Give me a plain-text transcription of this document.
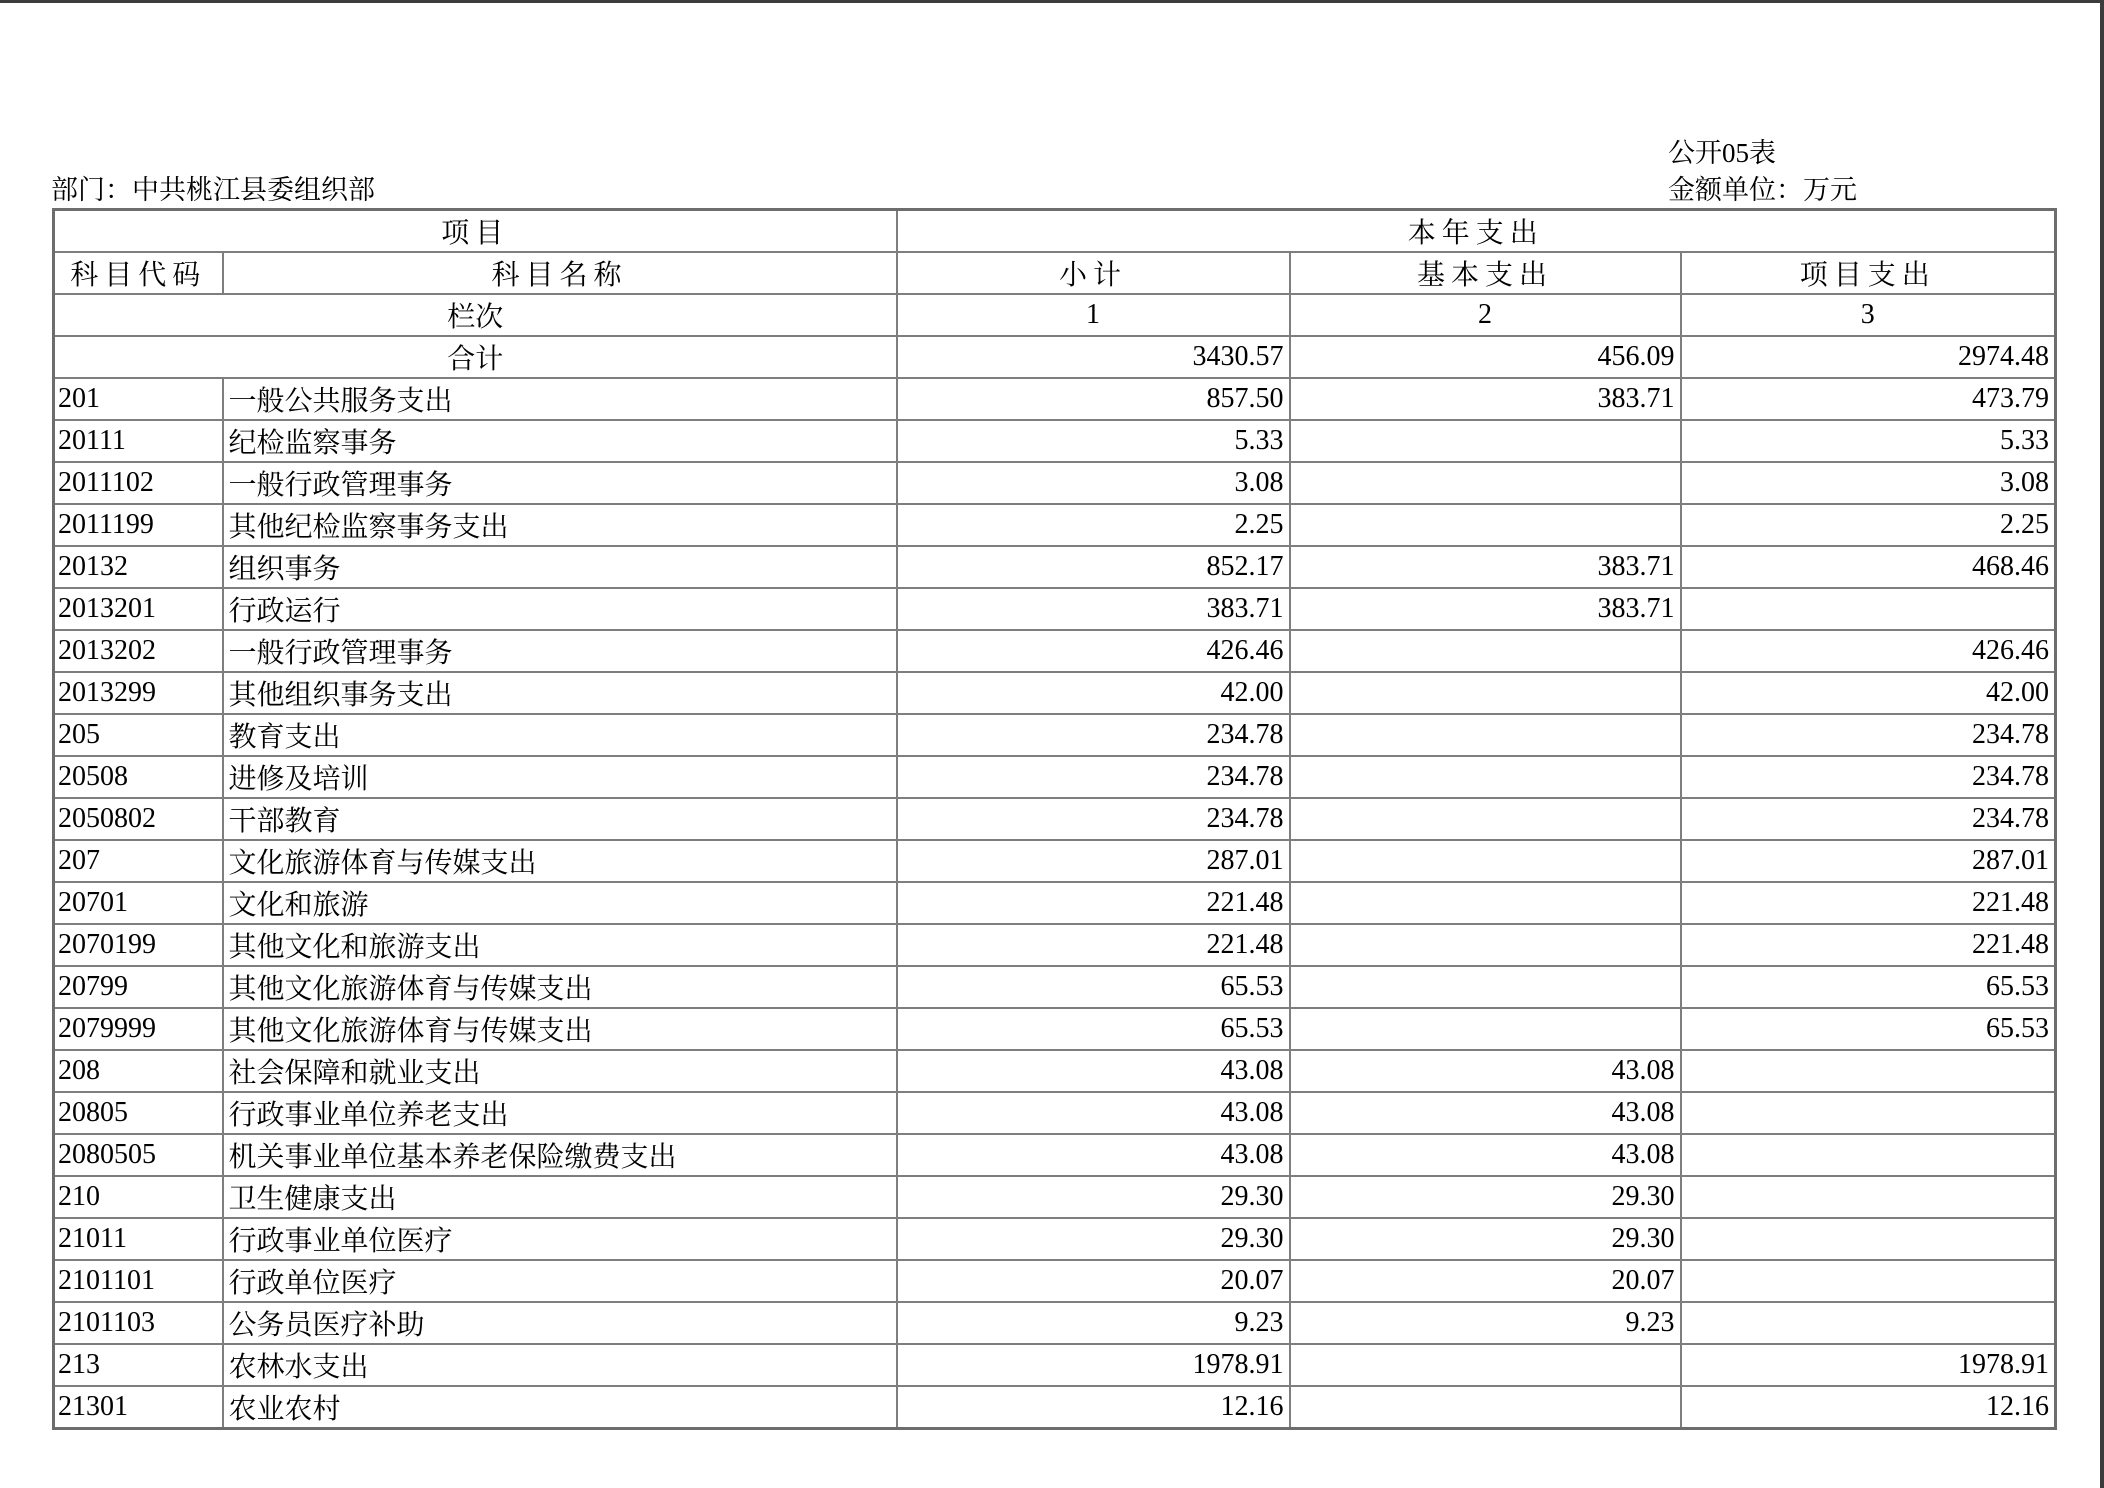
公开05表
部门：中共桃江县委组织部	金额单位：万元
项目		本年支出		
科目代码	科目名称	小计	基本支出	项目支出
栏次		1	2	3
合计		3430.57	456.09	2974.48
201	一般公共服务支出	857.50	383.71	473.79
20111	纪检监察事务	5.33		5.33
2011102	一般行政管理事务	3.08		3.08
2011199	其他纪检监察事务支出	2.25		2.25
20132	组织事务	852.17	383.71	468.46
2013201	行政运行	383.71	383.71	
2013202	一般行政管理事务	426.46		426.46
2013299	其他组织事务支出	42.00		42.00
205	教育支出	234.78		234.78
20508	进修及培训	234.78		234.78
2050802	干部教育	234.78		234.78
207	文化旅游体育与传媒支出	287.01		287.01
20701	文化和旅游	221.48		221.48
2070199	其他文化和旅游支出	221.48		221.48
20799	其他文化旅游体育与传媒支出	65.53		65.53
2079999	其他文化旅游体育与传媒支出	65.53		65.53
208	社会保障和就业支出	43.08	43.08	
20805	行政事业单位养老支出	43.08	43.08	
2080505	机关事业单位基本养老保险缴费支出	43.08	43.08	
210	卫生健康支出	29.30	29.30	
21011	行政事业单位医疗	29.30	29.30	
2101101	行政单位医疗	20.07	20.07	
2101103	公务员医疗补助	9.23	9.23	
213	农林水支出	1978.91		1978.91
21301	农业农村	12.16		12.16
